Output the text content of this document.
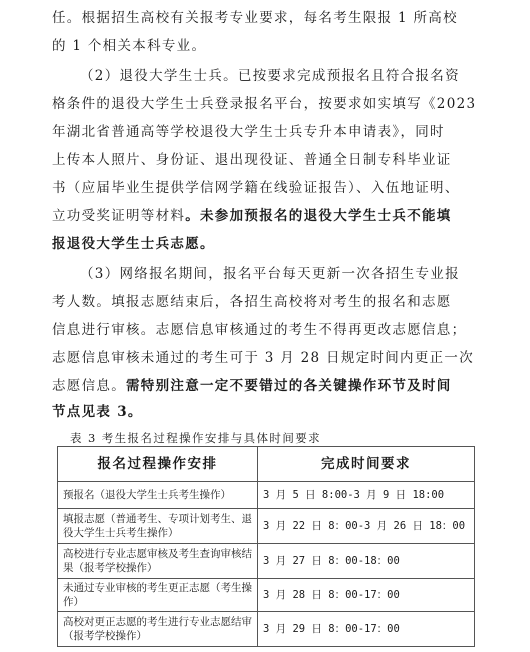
任。根据招生高校有关报考专业要求，每名考生限报 1 所高校
的 1 个相关本科专业。
（2）退役大学生士兵。已按要求完成预报名且符合报名资
格条件的退役大学生士兵登录报名平台，按要求如实填写《2023
年湖北省普通高等学校退役大学生士兵专升本申请表》，同时
上传本人照片、身份证、退出现役证、普通全日制专科毕业证
书（应届毕业生提供学信网学籍在线验证报告）、入伍地证明、
立功受奖证明等材料。未参加预报名的退役大学生士兵不能填
报退役大学生士兵志愿。
（3）网络报名期间，报名平台每天更新一次各招生专业报
考人数。填报志愿结束后，各招生高校将对考生的报名和志愿
信息进行审核。志愿信息审核通过的考生不得再更改志愿信息；
志愿信息审核未通过的考生可于 3 月 28 日规定时间内更正一次
志愿信息。需特别注意一定不要错过的各关键操作环节及时间
节点见表 3。
表 3 考生报名过程操作安排与具体时间要求
报名过程操作安排	完成时间要求
预报名（退役大学生士兵考生操作）	3 月 5 日 8:00-3 月 9 日 18:00
填报志愿（普通考生、专项计划考生、退役大学生士兵考生操作）	3 月 22 日 8：00-3 月 26 日 18：00
高校进行专业志愿审核及考生查询审核结果（报考学校操作）	3 月 27 日 8：00-18：00
未通过专业审核的考生更正志愿（考生操作）	3 月 28 日 8：00-17：00
高校对更正志愿的考生进行专业志愿结审（报考学校操作）	3 月 29 日 8：00-17：00
